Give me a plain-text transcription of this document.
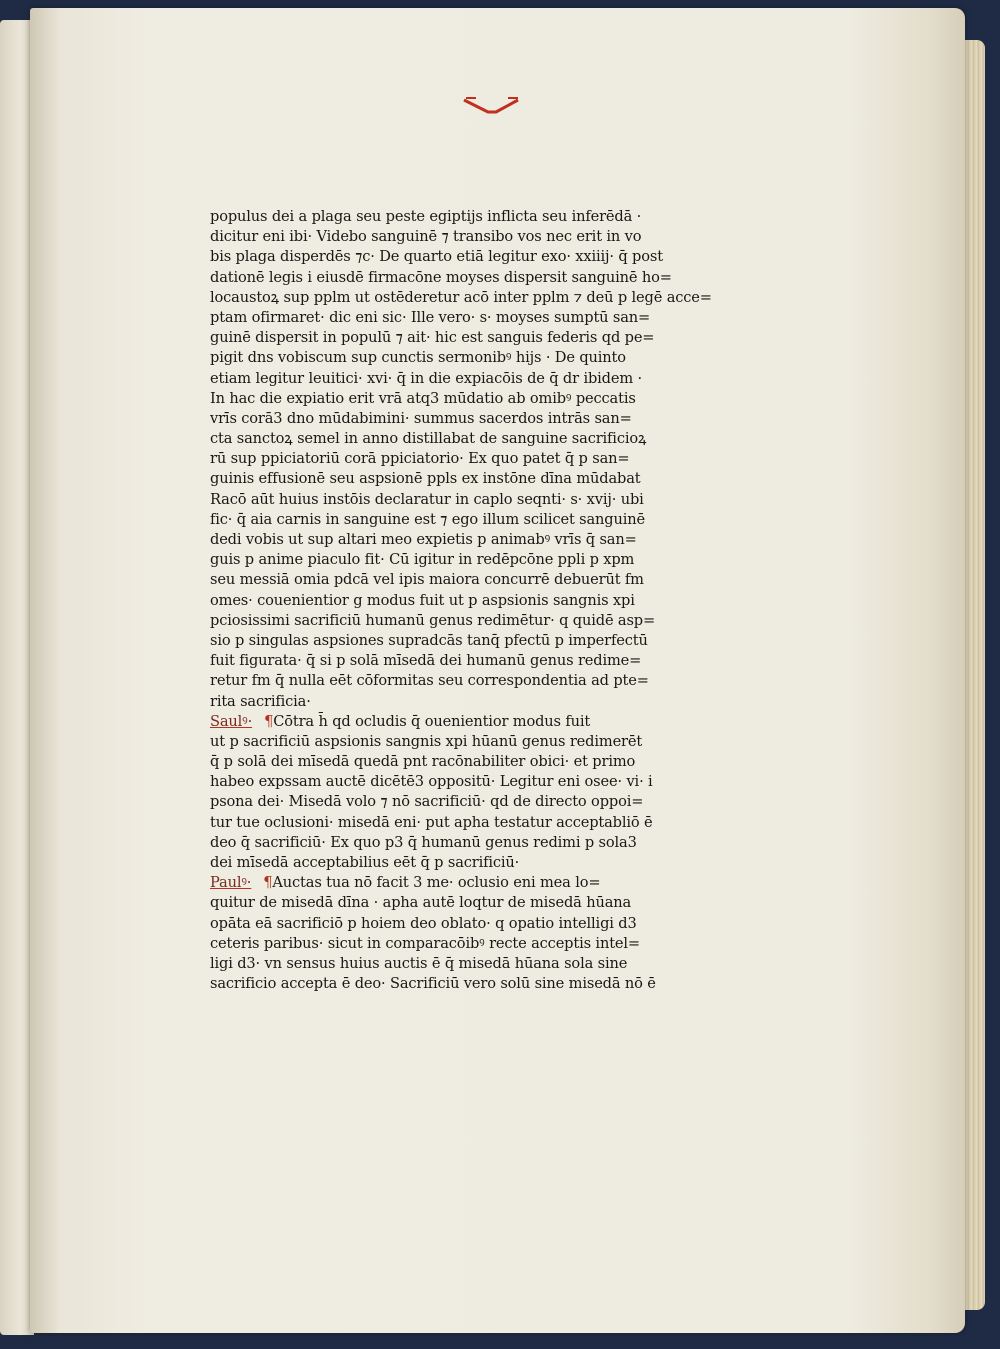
populus dei a plaga seu peste egiptijs inflicta seu inferēdā ·
dicitur eni ibi· Videbo sanguinē ⁊ transibo vos nec erit in vo
bis plaga disperdēs ⁊c· De quarto etiā legitur exo· xxiiij· q̄ post
dationē legis i eiusdē firmacōne moyses dispersit sanguinē ho=
locaustoꝝ sup pplm ut ostēderetur acō inter pplm ⁊ deū p legē acce=
ptam ofirmaret· dic eni sic· Ille vero· s· moyses sumptū san=
guinē dispersit in populū ⁊ ait· hic est sanguis federis qd pe=
pigit dns vobiscum sup cunctis sermonibꝰ hijs · De quinto
etiam legitur leuitici· xvi· q̄ in die expiacōis de q̄ dr ibidem ·
In hac die expiatio erit vrā atq3 mūdatio ab omibꝰ peccatis
vrīs corā3 dno mūdabimini· summus sacerdos intrās san=
cta sanctoꝝ semel in anno distillabat de sanguine sacrificioꝝ
rū sup ppiciatoriū corā ppiciatorio· Ex quo patet q̄ p san=
guinis effusionē seu aspsionē ppls ex instōne dīna mūdabat
Racō aūt huius instōis declaratur in caplo seqnti· s· xvij· ubi
fic· q̄ aia carnis in sanguine est ⁊ ego illum scilicet sanguinē
dedi vobis ut sup altari meo expietis p animabꝰ vrīs q̄ san=
guis p anime piaculo fit· Cū igitur in redēpcōne ppli p xpm
seu messiā omia pdcā vel ipis maiora concurrē debuerūt fm
omes· couenientior g modus fuit ut p aspsionis sangnis xpi
pciosissimi sacrificiū humanū genus redimētur· q quidē asp=
sio p singulas aspsiones supradcās tanq̄ pfectū p imperfectū
fuit figurata· q̄ si p solā mīsedā dei humanū genus redime=
retur fm q̄ nulla eēt cōformitas seu correspondentia ad pte=
rita sacrificia·
Saulꝰ· ¶Cōtra h̄ qd ocludis q̄ ouenientior modus fuit
ut p sacrificiū aspsionis sangnis xpi hūanū genus redimerēt
q̄ p solā dei mīsedā quedā pnt racōnabiliter obici· et primo
habeo expssam auctē dicētē3 oppositū· Legitur eni osee· vi· i
psona dei· Misedā volo ⁊ nō sacrificiū· qd de directo oppoi=
tur tue oclusioni· misedā eni· put apha testatur acceptabliō ē
deo q̄ sacrificiū· Ex quo p3 q̄ humanū genus redimi p sola3
dei mīsedā acceptabilius eēt q̄ p sacrificiū·
Paulꝰ· ¶Auctas tua nō facit 3 me· oclusio eni mea lo=
quitur de misedā dīna · apha autē loqtur de misedā hūana
opāta eā sacrificiō p hoiem deo oblato· q opatio intelligi d3
ceteris paribus· sicut in comparacōibꝰ recte acceptis intel=
ligi d3· vn sensus huius auctis ē q̄ misedā hūana sola sine
sacrificio accepta ē deo· Sacrificiū vero solū sine misedā nō ē
